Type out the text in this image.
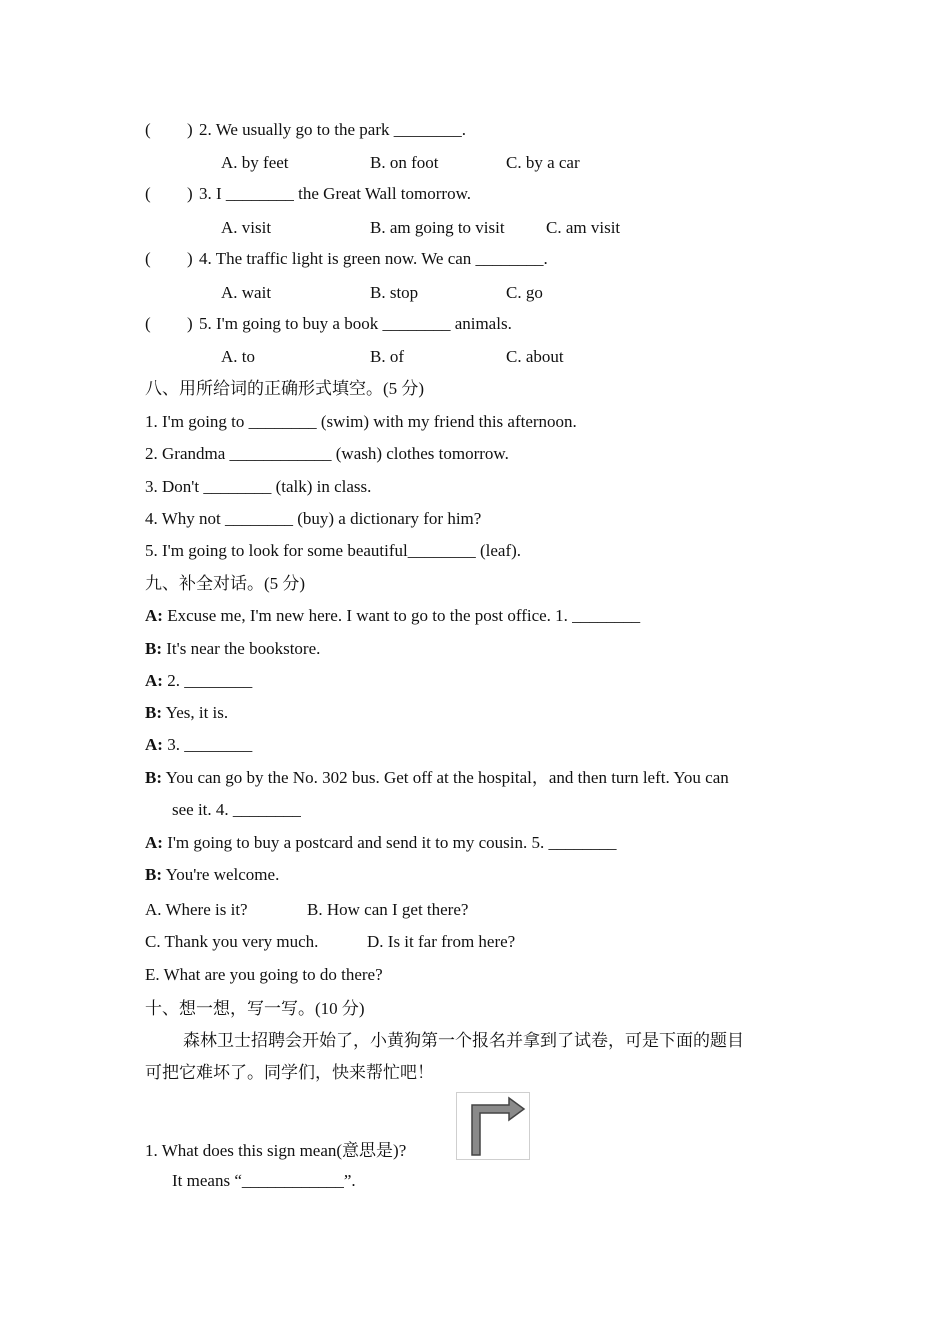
( ) 2. We usually go to the park ________.
A. by feet	B. on foot	C. by a car
( ) 3. I ________ the Great Wall tomorrow.
A. visit	B. am going to visit C. am visit
( ) 4. The traffic light is green now. We can ________.
A. wait	B. stop	C. go
( ) 5. I'm going to buy a book ________ animals.
A. to	B. of	C. about
八、用所给词的正确形式填空。(5 分)
1. I'm going to ________ (swim) with my friend this afternoon.
2. Grandma ____________ (wash) clothes tomorrow.
3. Don't ________ (talk) in class.
4. Why not ________ (buy) a dictionary for him?
5. I'm going to look for some beautiful________ (leaf).
九、补全对话。(5 分)
A: Excuse me, I'm new here. I want to go to the post office. 1. ________
B: It's near the bookstore.
A: 2. ________
B: Yes, it is.
A: 3. ________
B: You can go by the No. 302 bus. Get off at the hospital，and then turn left. You can
see it. 4. ________
A: I'm going to buy a postcard and send it to my cousin. 5. ________
B: You're welcome.
A. Where is it?	B. How can I get there?
C. Thank you very much.	D. Is it far from here?
E. What are you going to do there?
十、想一想，写一写。(10 分)
森林卫士招聘会开始了，小黄狗第一个报名并拿到了试卷，可是下面的题目
可把它难坏了。同学们，快来帮忙吧！
1. What does this sign mean(意思是)?
It means “____________”.
